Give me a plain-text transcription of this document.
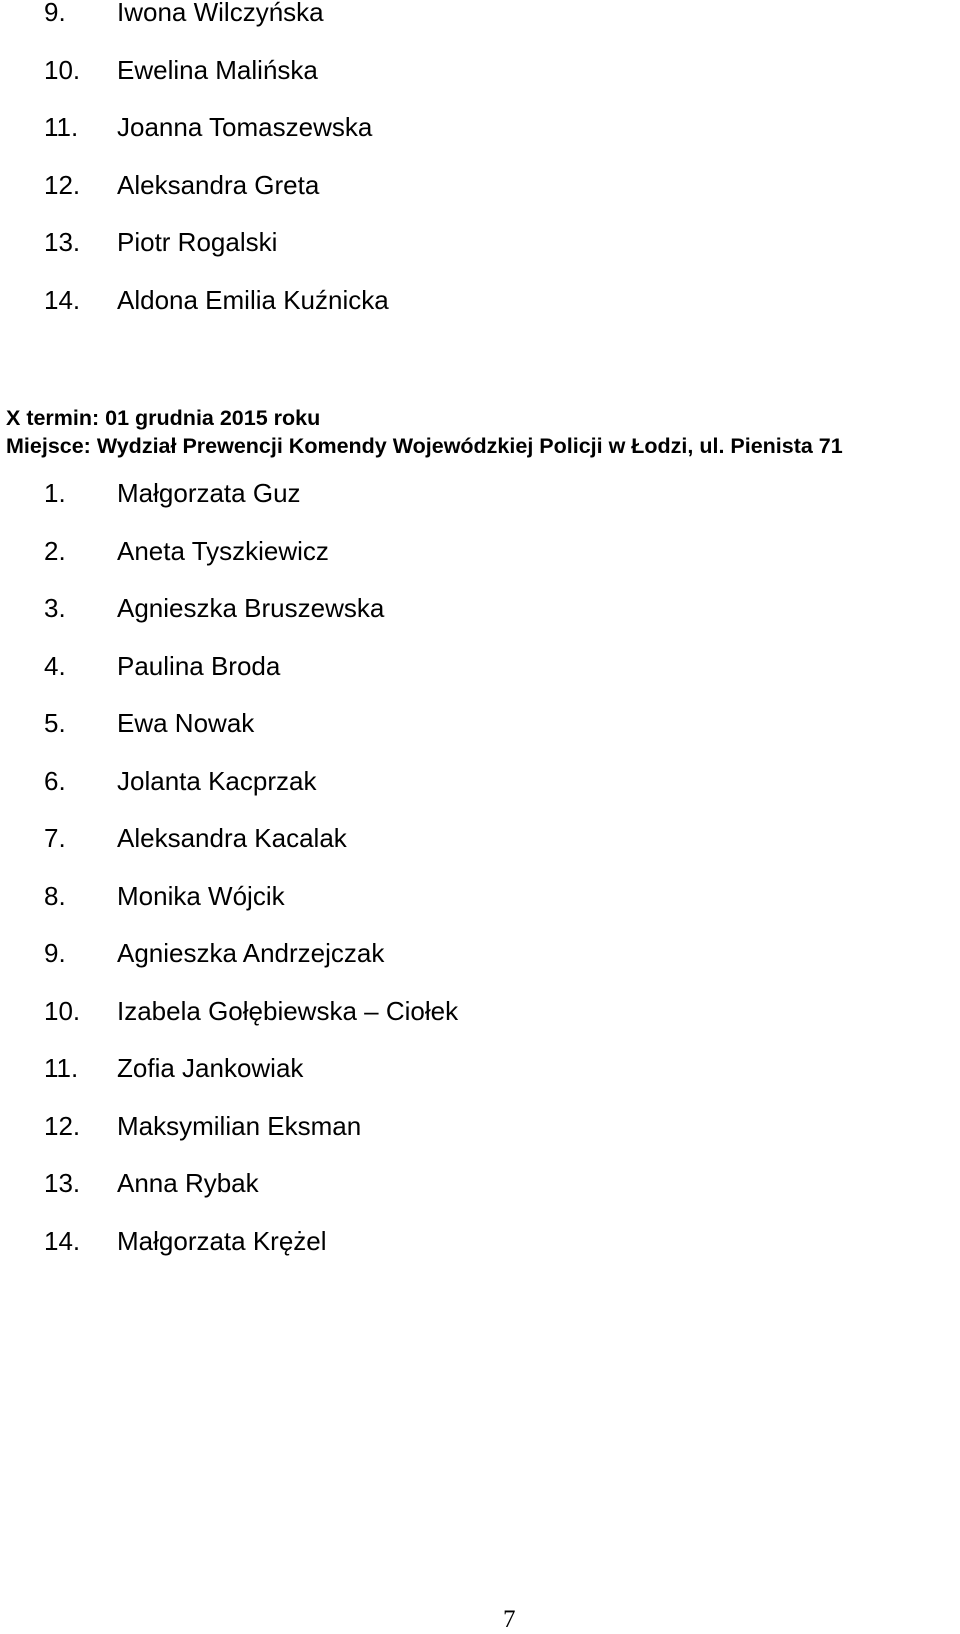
9. Iwona Wilczyńska
10. Ewelina Malińska
11. Joanna Tomaszewska
12. Aleksandra Greta
13. Piotr Rogalski
14. Aldona Emilia Kuźnicka

X termin: 01 grudnia 2015 roku

Miejsce: Wydział Prewencji Komendy Wojewódzkiej Policji w Łodzi, ul. Pienista 71

1. Małgorzata Guz
2. Aneta Tyszkiewicz
3. Agnieszka Bruszewska
4. Paulina Broda
5. Ewa Nowak
6. Jolanta Kacprzak
7. Aleksandra Kacalak
8. Monika Wójcik
9. Agnieszka Andrzejczak
10. Izabela Gołębiewska – Ciołek
11. Zofia Jankowiak
12. Maksymilian Eksman
13. Anna Rybak
14. Małgorzata Krężel
7
